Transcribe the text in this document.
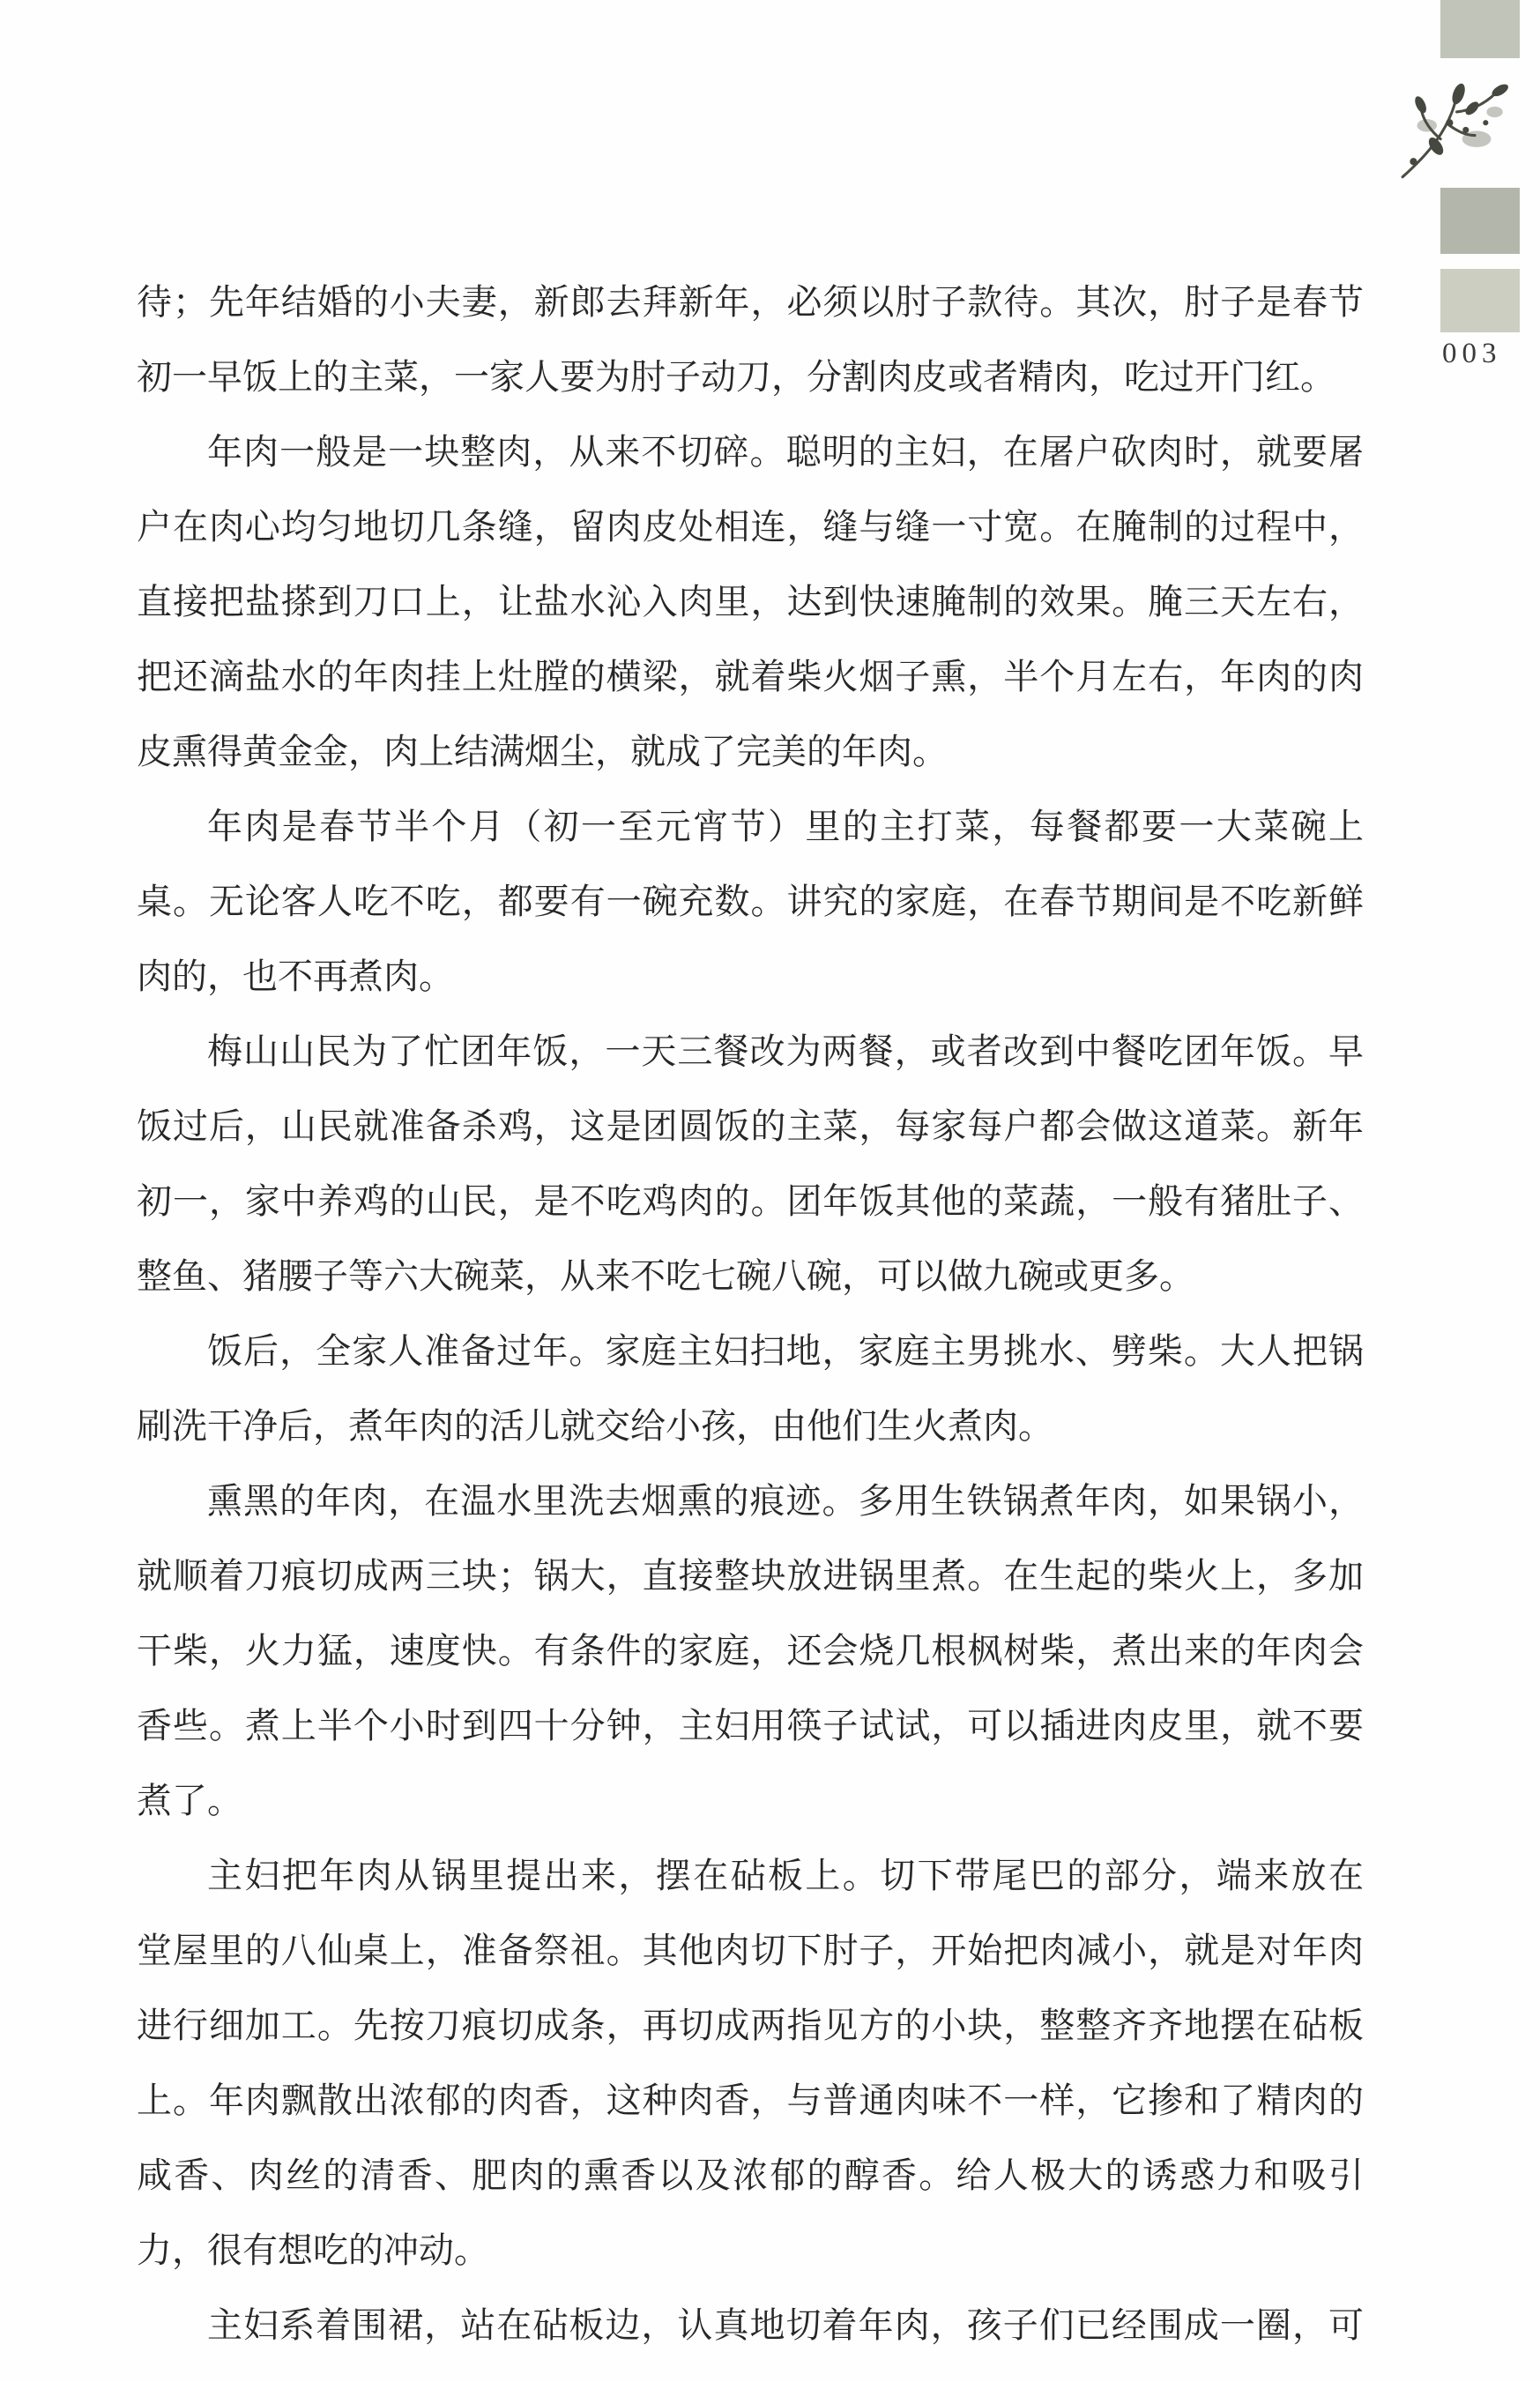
003
待；先年结婚的小夫妻，新郎去拜新年，必须以肘子款待。其次，肘子是春节
初一早饭上的主菜，一家人要为肘子动刀，分割肉皮或者精肉，吃过开门红。
年肉一般是一块整肉，从来不切碎。聪明的主妇，在屠户砍肉时，就要屠
户在肉心均匀地切几条缝，留肉皮处相连，缝与缝一寸宽。在腌制的过程中，
直接把盐搽到刀口上，让盐水沁入肉里，达到快速腌制的效果。腌三天左右，
把还滴盐水的年肉挂上灶膛的横梁，就着柴火烟子熏，半个月左右，年肉的肉
皮熏得黄金金，肉上结满烟尘，就成了完美的年肉。
年肉是春节半个月（初一至元宵节）里的主打菜，每餐都要一大菜碗上
桌。无论客人吃不吃，都要有一碗充数。讲究的家庭，在春节期间是不吃新鲜
肉的，也不再煮肉。
梅山山民为了忙团年饭，一天三餐改为两餐，或者改到中餐吃团年饭。早
饭过后，山民就准备杀鸡，这是团圆饭的主菜，每家每户都会做这道菜。新年
初一，家中养鸡的山民，是不吃鸡肉的。团年饭其他的菜蔬，一般有猪肚子、
整鱼、猪腰子等六大碗菜，从来不吃七碗八碗，可以做九碗或更多。
饭后，全家人准备过年。家庭主妇扫地，家庭主男挑水、劈柴。大人把锅
刷洗干净后，煮年肉的活儿就交给小孩，由他们生火煮肉。
熏黑的年肉，在温水里洗去烟熏的痕迹。多用生铁锅煮年肉，如果锅小，
就顺着刀痕切成两三块；锅大，直接整块放进锅里煮。在生起的柴火上，多加
干柴，火力猛，速度快。有条件的家庭，还会烧几根枫树柴，煮出来的年肉会
香些。煮上半个小时到四十分钟，主妇用筷子试试，可以插进肉皮里，就不要
煮了。
主妇把年肉从锅里提出来，摆在砧板上。切下带尾巴的部分，端来放在
堂屋里的八仙桌上，准备祭祖。其他肉切下肘子，开始把肉减小，就是对年肉
进行细加工。先按刀痕切成条，再切成两指见方的小块，整整齐齐地摆在砧板
上。年肉飘散出浓郁的肉香，这种肉香，与普通肉味不一样，它掺和了精肉的
咸香、肉丝的清香、肥肉的熏香以及浓郁的醇香。给人极大的诱惑力和吸引
力，很有想吃的冲动。
主妇系着围裙，站在砧板边，认真地切着年肉，孩子们已经围成一圈，可
